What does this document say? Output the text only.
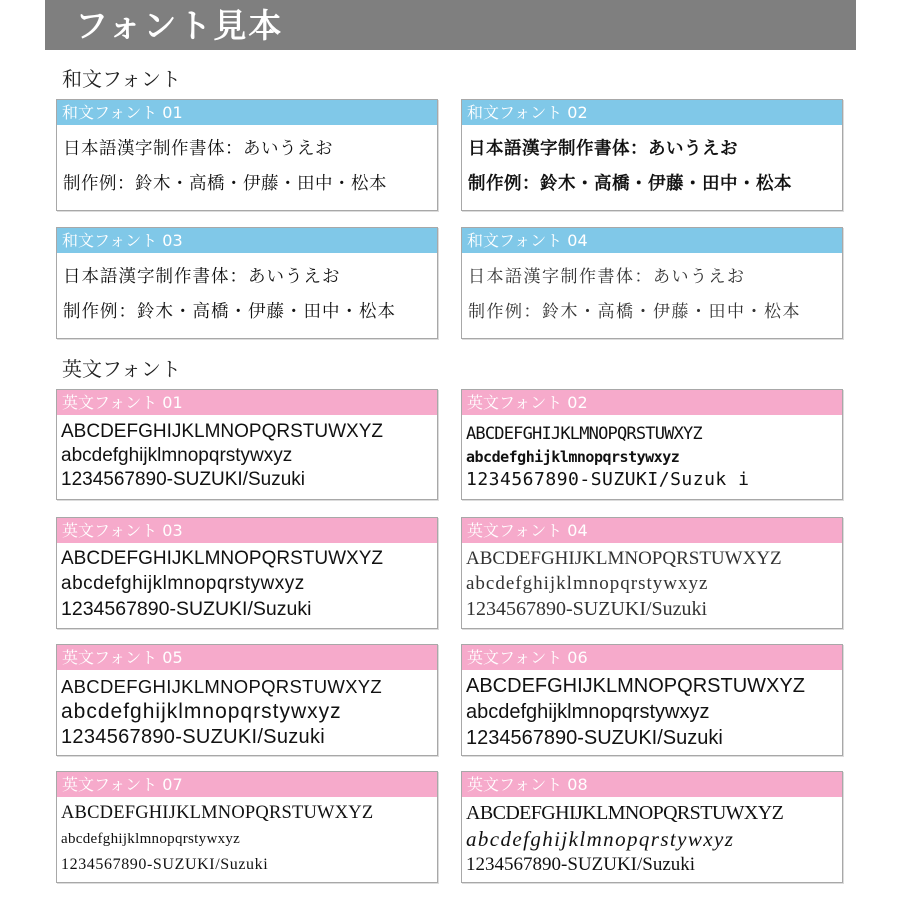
フォント見本
和文フォント
和文フォント 01
日本語漢字制作書体：あいうえお
制作例：鈴木・高橋・伊藤・田中・松本
和文フォント 02
日本語漢字制作書体：あいうえお
制作例：鈴木・高橋・伊藤・田中・松本
和文フォント 03
日本語漢字制作書体：あいうえお
制作例：鈴木・高橋・伊藤・田中・松本
和文フォント 04
日本語漢字制作書体：あいうえお
制作例：鈴木・高橋・伊藤・田中・松本
英文フォント
英文フォント 01
ABCDEFGHIJKLMNOPQRSTUWXYZ
abcdefghijklmnopqrstywxyz
1234567890-SUZUKI/Suzuki
英文フォント 02
ABCDEFGHIJKLMNOPQRSTUWXYZ
abcdefghijklmnopqrstywxyz
1234567890-SUZUKI/Suzuk i
英文フォント 03
ABCDEFGHIJKLMNOPQRSTUWXYZ
abcdefghijklmnopqrstywxyz
1234567890-SUZUKI/Suzuki
英文フォント 04
ABCDEFGHIJKLMNOPQRSTUWXYZ
abcdefghijklmnopqrstywxyz
1234567890-SUZUKI/Suzuki
英文フォント 05
ABCDEFGHIJKLMNOPQRSTUWXYZ
abcdefghijklmnopqrstywxyz
1234567890-SUZUKI/Suzuki
英文フォント 06
ABCDEFGHIJKLMNOPQRSTUWXYZ
abcdefghijklmnopqrstywxyz
1234567890-SUZUKI/Suzuki
英文フォント 07
ABCDEFGHIJKLMNOPQRSTUWXYZ
abcdefghijklmnopqrstywxyz
1234567890-SUZUKI/Suzuki
英文フォント 08
ABCDEFGHIJKLMNOPQRSTUWXYZ
abcdefghijklmnopqrstywxyz
1234567890-SUZUKI/Suzuki
